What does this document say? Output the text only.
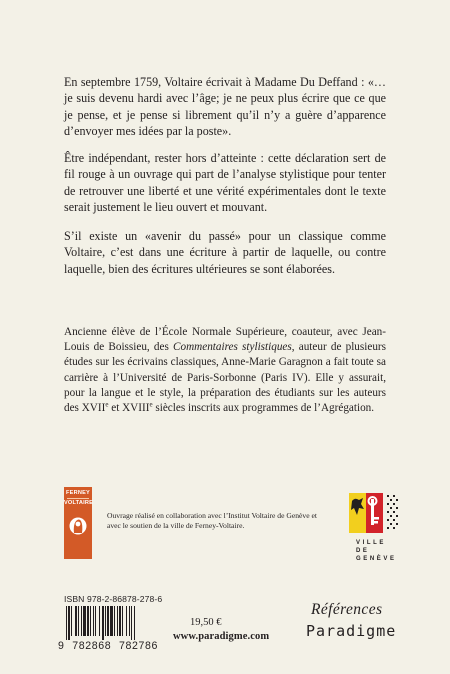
En septembre 1759, Voltaire écrivait à Madame Du Deffand : «… je suis devenu hardi avec l’âge; je ne peux plus écrire que ce que je pense, et je pense si librement qu’il n’y a guère d’apparence d’envoyer mes idées par la poste».

Être indépendant, rester hors d’atteinte : cette déclaration sert de fil rouge à un ouvrage qui part de l’analyse stylistique pour tenter de retrouver une liberté et une vérité expérimentales dont le texte serait justement le lieu ouvert et mouvant.

S’il existe un «avenir du passé» pour un classique comme Voltaire, c’est dans une écriture à partir de laquelle, ou contre laquelle, bien des écritures ultérieures se sont élaborées.

Ancienne élève de l’École Normale Supérieure, coauteur, avec Jean-Louis de Boissieu, des Commentaires stylistiques, auteur de plusieurs études sur les écrivains classiques, Anne-Marie Garagnon a fait toute sa carrière à l’Université de Paris-Sorbonne (Paris IV). Elle y assurait, pour la langue et le style, la préparation des étudiants sur les auteurs des XVIIe et XVIIIe siècles inscrits aux programmes de l’Agrégation.

FERNEY
VOLTAIRE

Ouvrage réalisé en collaboration avec l’Institut Voltaire de Genève et avec le soutien de la ville de Ferney-Voltaire.

VILLE DE
GENÈVE
ISBN 978-2-86878-278-6
9 782868 782786
19,50 €
www.paradigme.com
Références
Paradigme
